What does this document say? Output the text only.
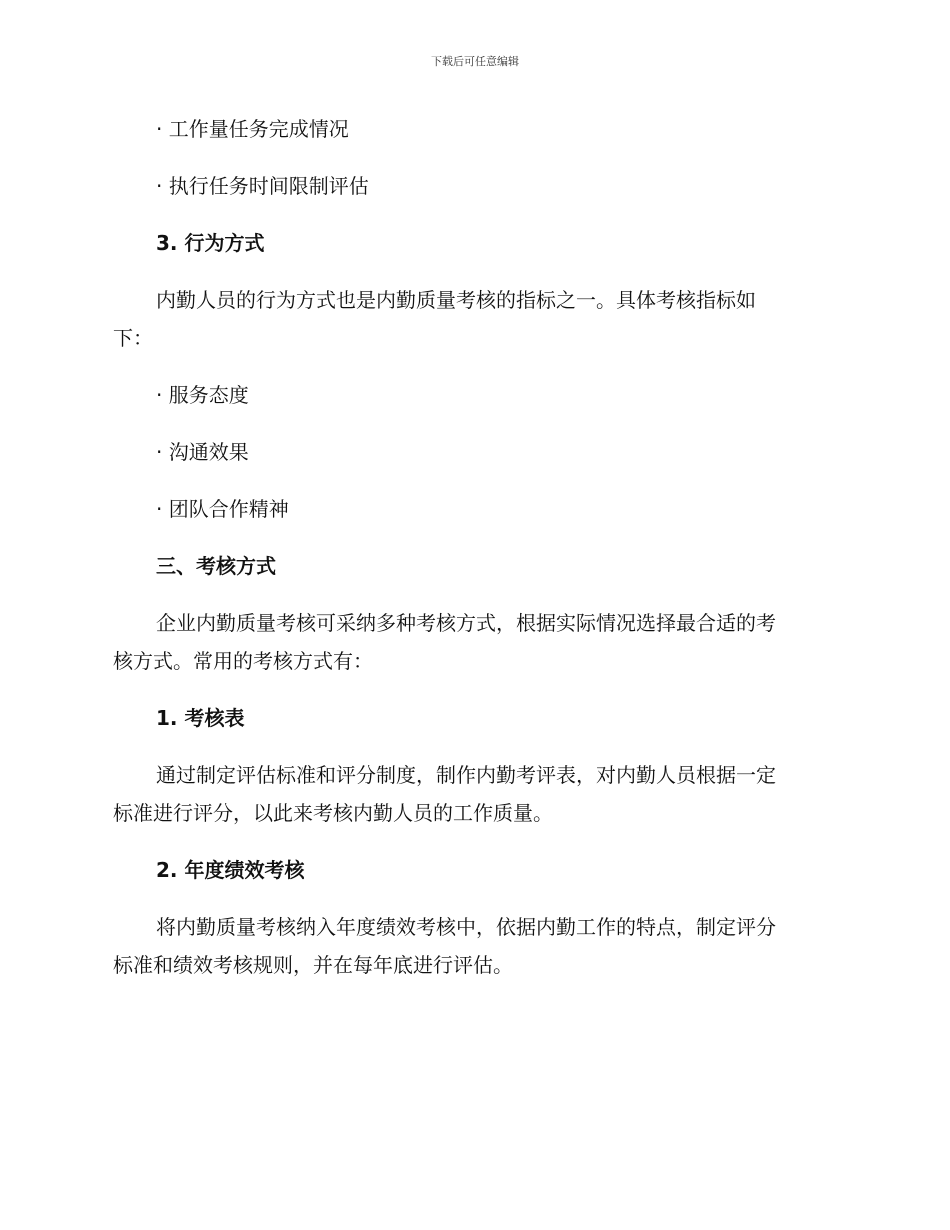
下载后可任意编辑
· 工作量任务完成情况
· 执行任务时间限制评估
3. 行为方式
内勤人员的行为方式也是内勤质量考核的指标之一。具体考核指标如
下：
· 服务态度
· 沟通效果
· 团队合作精神
三、考核方式
企业内勤质量考核可采纳多种考核方式，根据实际情况选择最合适的考
核方式。常用的考核方式有：
1. 考核表
通过制定评估标准和评分制度，制作内勤考评表，对内勤人员根据一定
标准进行评分，以此来考核内勤人员的工作质量。
2. 年度绩效考核
将内勤质量考核纳入年度绩效考核中，依据内勤工作的特点，制定评分
标准和绩效考核规则，并在每年底进行评估。
